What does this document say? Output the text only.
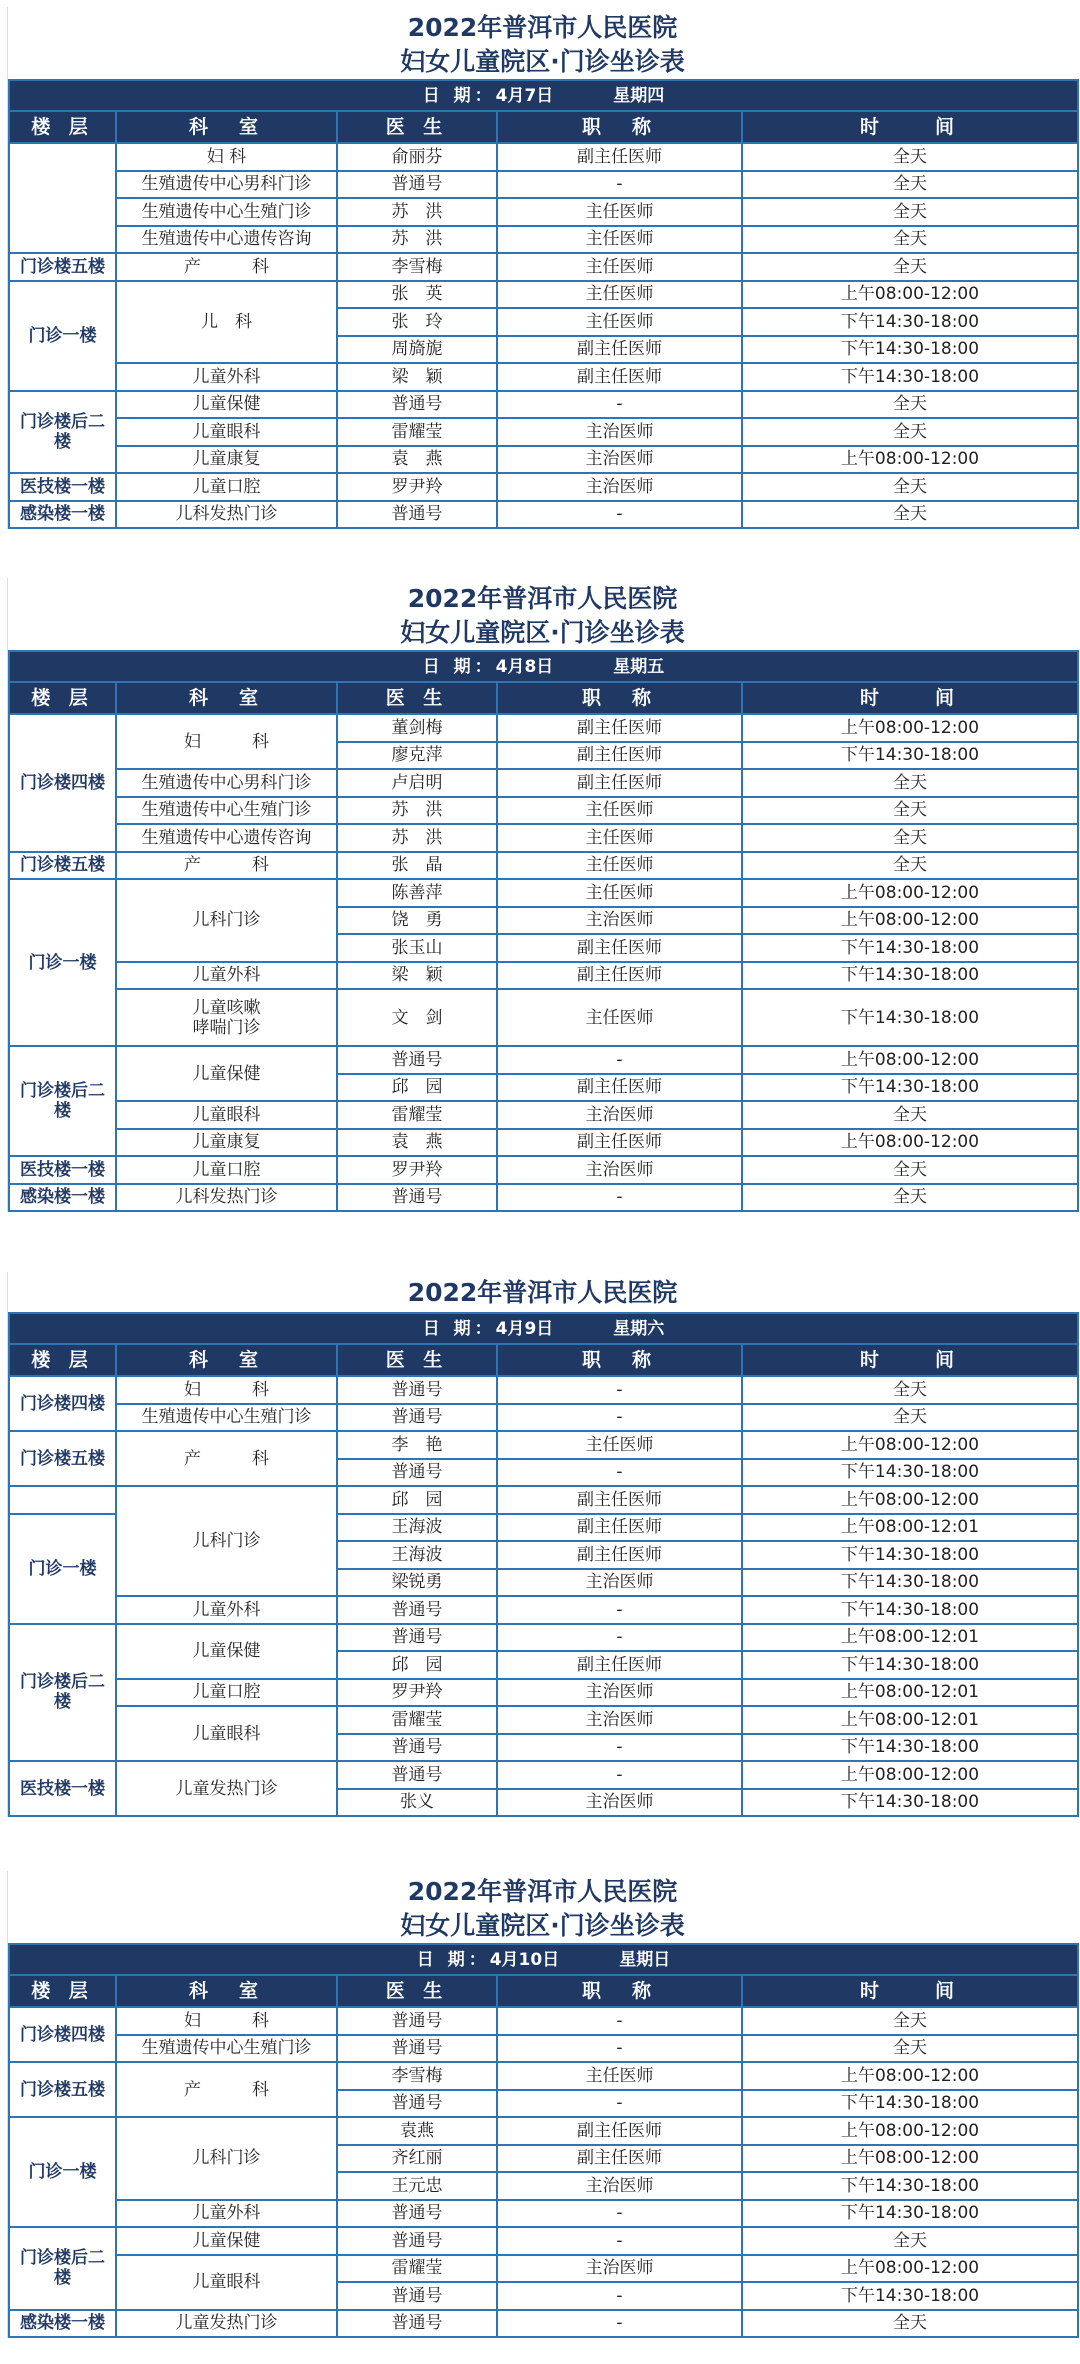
2022年普洱市人民医院
妇女儿童院区·门诊坐诊表
日 期：4月7日 星期四				
楼 层	科　室	医 生	职　称	时　　间
	妇 科	俞丽芬	副主任医师	全天
	生殖遗传中心男科门诊	普通号	-	全天
	生殖遗传中心生殖门诊	苏　洪	主任医师	全天
	生殖遗传中心遗传咨询	苏　洪	主任医师	全天
门诊楼五楼	产　　　科	李雪梅	主任医师	全天
门诊一楼	儿　科	张　英	主任医师	上午08:00-12:00
		张　玲	主任医师	下午14:30-18:00
		周旖旎	副主任医师	下午14:30-18:00
	儿童外科	梁　颖	副主任医师	下午14:30-18:00
门诊楼后二楼	儿童保健	普通号	-	全天
	儿童眼科	雷耀莹	主治医师	全天
	儿童康复	袁　燕	主治医师	上午08:00-12:00
医技楼一楼	儿童口腔	罗尹羚	主治医师	全天
感染楼一楼	儿科发热门诊	普通号	-	全天
2022年普洱市人民医院
妇女儿童院区·门诊坐诊表
日 期：4月8日 星期五				
楼 层	科　室	医 生	职　称	时　　间
门诊楼四楼	妇　　　科	董剑梅	副主任医师	上午08:00-12:00
		廖克萍	副主任医师	下午14:30-18:00
	生殖遗传中心男科门诊	卢启明	副主任医师	全天
	生殖遗传中心生殖门诊	苏　洪	主任医师	全天
	生殖遗传中心遗传咨询	苏　洪	主任医师	全天
门诊楼五楼	产　　　科	张　晶	主任医师	全天
门诊一楼	儿科门诊	陈善萍	主任医师	上午08:00-12:00
		饶　勇	主治医师	上午08:00-12:00
		张玉山	副主任医师	下午14:30-18:00
	儿童外科	梁　颖	副主任医师	下午14:30-18:00

	儿童咳嗽
哮喘门诊	文　剑	主任医师	下午14:30-18:00
门诊楼后二楼	儿童保健	普通号	-	上午08:00-12:00
		邱　园	副主任医师	下午14:30-18:00
	儿童眼科	雷耀莹	主治医师	全天
	儿童康复	袁　燕	副主任医师	上午08:00-12:00
医技楼一楼	儿童口腔	罗尹羚	主治医师	全天
感染楼一楼	儿科发热门诊	普通号	-	全天
2022年普洱市人民医院
日 期：4月9日 星期六				
楼 层	科　室	医 生	职　称	时　　间
门诊楼四楼	妇　　　科	普通号	-	全天
	生殖遗传中心生殖门诊	普通号	-	全天
门诊楼五楼	产　　　科	李　艳	主任医师	上午08:00-12:00
		普通号	-	下午14:30-18:00
	儿科门诊	邱　园	副主任医师	上午08:00-12:00
门诊一楼		王海波	副主任医师	上午08:00-12:01
		王海波	副主任医师	下午14:30-18:00
		梁锐勇	主治医师	下午14:30-18:00
	儿童外科	普通号	-	下午14:30-18:00
门诊楼后二楼	儿童保健	普通号	-	上午08:00-12:01
		邱　园	副主任医师	下午14:30-18:00
	儿童口腔	罗尹羚	主治医师	上午08:00-12:01
	儿童眼科	雷耀莹	主治医师	上午08:00-12:01
		普通号	-	下午14:30-18:00
医技楼一楼	儿童发热门诊	普通号	-	上午08:00-12:00
		张义	主治医师	下午14:30-18:00
2022年普洱市人民医院
妇女儿童院区·门诊坐诊表
日 期：4月10日 星期日				
楼 层	科　室	医 生	职　称	时　　间
门诊楼四楼	妇　　　科	普通号	-	全天
	生殖遗传中心生殖门诊	普通号	-	全天
门诊楼五楼	产　　　科	李雪梅	主任医师	上午08:00-12:00
		普通号	-	下午14:30-18:00
门诊一楼	儿科门诊	袁燕	副主任医师	上午08:00-12:00
		齐红丽	副主任医师	上午08:00-12:00
		王元忠	主治医师	下午14:30-18:00
	儿童外科	普通号	-	下午14:30-18:00
门诊楼后二楼	儿童保健	普通号	-	全天
	儿童眼科	雷耀莹	主治医师	上午08:00-12:00
		普通号	-	下午14:30-18:00
感染楼一楼	儿童发热门诊	普通号	-	全天
